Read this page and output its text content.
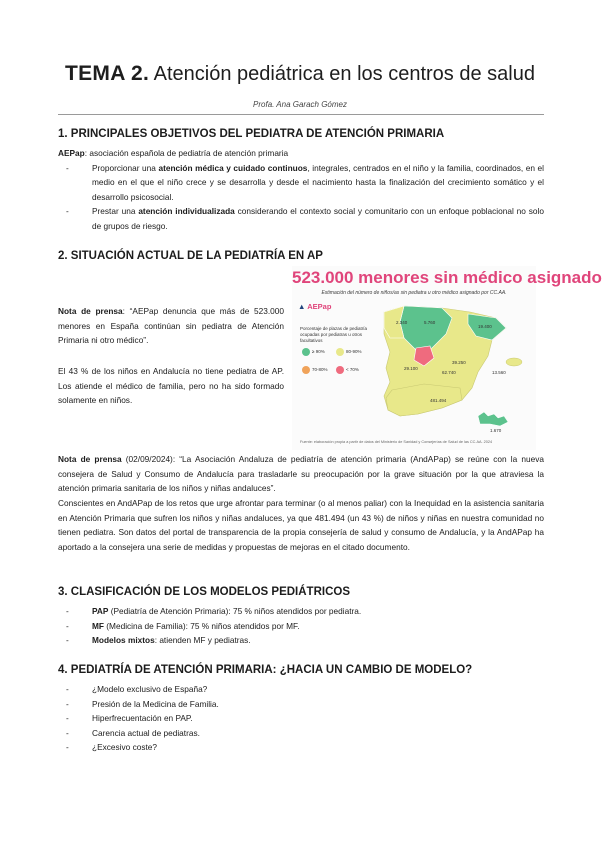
TEMA 2. Atención pediátrica en los centros de salud
Profa. Ana Garach Gómez
1. PRINCIPALES OBJETIVOS DEL PEDIATRA DE ATENCIÓN PRIMARIA
AEPap: asociación española de pediatría de atención primaria
- Proporcionar una atención médica y cuidado continuos, integrales, centrados en el niño y la familia, coordinados, en el medio en el que el niño crece y se desarrolla y desde el nacimiento hasta la finalización del crecimiento somático y el desarrollo psicosocial.
- Prestar una atención individualizada considerando el contexto social y comunitario con un enfoque poblacional no solo de grupos de riesgo.
2. SITUACIÓN ACTUAL DE LA PEDIATRÍA EN AP
Nota de prensa: “AEPap denuncia que más de 523.000 menores en España continúan sin pediatra de Atención Primaria ni otro médico”.
El 43 % de los niños en Andalucía no tiene pediatra de AP. Los atiende el médico de familia, pero no ha sido formado solamente en niños.
2.340	5.760
19.400
39.250
29.100
481.494
13.560
1.670
62.740
523.000 menores sin médico asignado
Estimación del número de niños/as sin pediatra u otro médico asignado por CC.AA.
▲ AEPap
Porcentaje de plazas de pediatría ocupadas por pediatras u otros facultativos
≥ 90%	80-90%
70-80%	< 70%
Fuente: elaboración propia a partir de datos del Ministerio de Sanidad y Consejerías de Salud de las CC.AA. 2024
Nota de prensa (02/09/2024): “La Asociación Andaluza de pediatría de atención primaria (AndAPap) se reúne con la nueva consejera de Salud y Consumo de Andalucía para trasladarle su preocupación por la grave situación por la que atraviesa la atención primaria sanitaria de los niños y niñas andaluces”.
Conscientes en AndAPap de los retos que urge afrontar para terminar (o al menos paliar) con la Inequidad en la asistencia sanitaria en Atención Primaria que sufren los niños y niñas andaluces, ya que 481.494 (un 43 %) de niños y niñas en nuestra comunidad no tienen pediatra. Son datos del portal de transparencia de la propia consejería de salud y consumo de Andalucía, y la AndAPap ha aportado a la consejera una serie de medidas y propuestas de mejoras en el citado documento.
3. CLASIFICACIÓN DE LOS MODELOS PEDIÁTRICOS
- PAP (Pediatría de Atención Primaria): 75 % niños atendidos por pediatra.
- MF (Medicina de Familia): 75 % niños atendidos por MF.
- Modelos mixtos: atienden MF y pediatras.
4. PEDIATRÍA DE ATENCIÓN PRIMARIA: ¿HACIA UN CAMBIO DE MODELO?
- ¿Modelo exclusivo de España?
- Presión de la Medicina de Familia.
- Hiperfrecuentación en PAP.
- Carencia actual de pediatras.
- ¿Excesivo coste?
